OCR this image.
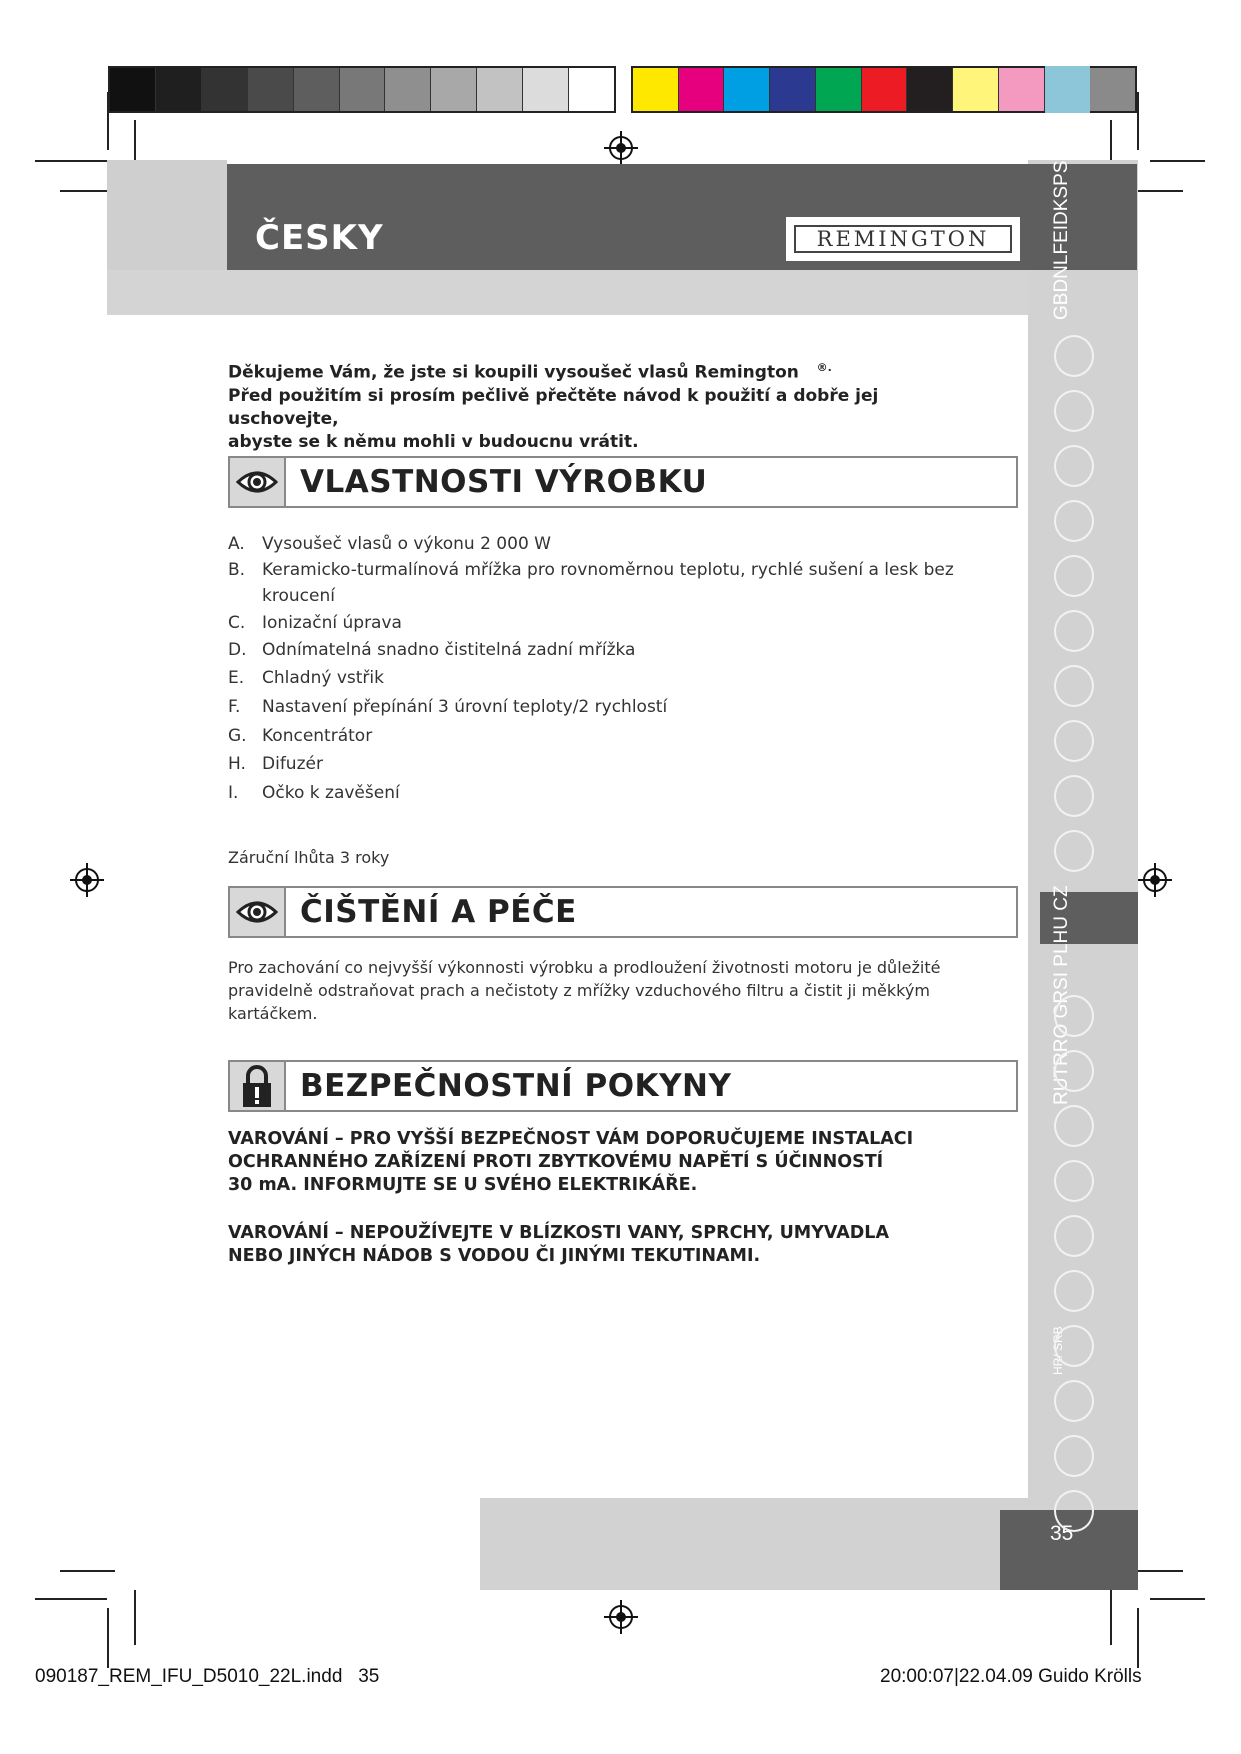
ČESKY	REMINGTON	GBDNLFEIDKSPSK
RUTRRO GRSI PLHU CZ
HR/ SRB
Děkujeme Vám, že jste si koupili vysoušeč vlasů Remington ®.
Před použitím si prosím pečlivě přečtěte návod k použití a dobře jej uschovejte,
abyste se k němu mohli v budoucnu vrátit.
VLASTNOSTI VÝROBKU
A. Vysoušeč vlasů o výkonu 2 000 W
B. Keramicko-turmalínová mřížka pro rovnoměrnou teplotu, rychlé sušení a lesk bez
kroucení
C. Ionizační úprava
D. Odnímatelná snadno čistitelná zadní mřížka
E. Chladný vstřik
F. Nastavení přepínání 3 úrovní teploty/2 rychlostí
G. Koncentrátor
H. Difuzér
I. Očko k zavěšení
Záruční lhůta 3 roky
ČIŠTĚNÍ A PÉČE
Pro zachování co nejvyšší výkonnosti výrobku a prodloužení životnosti motoru je důležité
pravidelně odstraňovat prach a nečistoty z mřížky vzduchového filtru a čistit ji měkkým
kartáčkem.
BEZPEČNOSTNÍ POKYNY
VAROVÁNÍ – PRO VYŠŠÍ BEZPEČNOST VÁM DOPORUČUJEME INSTALACI
OCHRANNÉHO ZAŘÍZENÍ PROTI ZBYTKOVÉMU NAPĚTÍ S ÚČINNOSTÍ
30 mA. INFORMUJTE SE U SVÉHO ELEKTRIKÁŘE.
VAROVÁNÍ – NEPOUŽÍVEJTE V BLÍZKOSTI VANY, SPRCHY, UMYVADLA
NEBO JINÝCH NÁDOB S VODOU ČI JINÝMI TEKUTINAMI.
35
090187_REM_IFU_D5010_22L.indd   35	20:00:07|22.04.09 Guido Krölls
